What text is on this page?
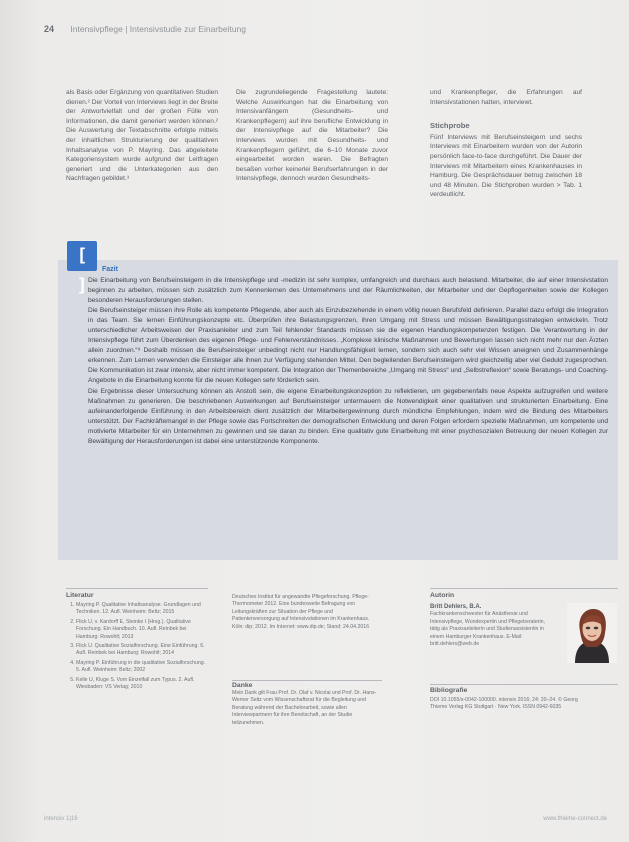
24 Intensivpflege | Intensivstudie zur Einarbeitung

als Basis oder Ergänzung von quantitativen Studien dienen.² Der Vorteil von Interviews liegt in der Breite der Antwortvielfalt und der großen Fülle von Informationen, die damit generiert werden können.² Die Auswertung der Textabschnitte erfolgte mittels der inhaltlichen Strukturierung der qualitativen Inhaltsanalyse von P. Mayring. Das abgeleitete Kategoriensystem wurde aufgrund der Leitfragen generiert und die Unterkategorien aus den Nachfragen gebildet.³

Die zugrundeliegende Fragestellung lautete: Welche Auswirkungen hat die Einarbeitung von Intensivanfängern (Gesundheits- und Krankenpflegern) auf ihre berufliche Entwicklung in der Intensivpflege auf die Mitarbeiter? Die Interviews wurden mit Gesundheits- und Krankenpflegern geführt, die 6–10 Monate zuvor eingearbeitet worden waren. Die Befragten besaßen vorher keinerlei Berufserfahrungen in der Intensivpflege, dennoch wurden Gesundheits-

und Krankenpfleger, die Erfahrungen auf Intensivstationen hatten, interviewt.

Stichprobe

Fünf Interviews mit Berufseinsteigern und sechs Interviews mit Einarbeitern wurden von der Autorin persönlich face-to-face durchgeführt. Die Dauer der Interviews mit Mitarbeitern eines Krankenhauses in Hamburg. Die Gesprächsdauer betrug zwischen 18 und 48 Minuten. Die Stichproben wurden > Tab. 1 verdeutlicht.

[ ]
Fazit

Die Einarbeitung von Berufseinsteigern in die Intensivpflege und -medizin ist sehr komplex, umfangreich und durchaus auch belastend. Mitarbeiter, die auf einer Intensivstation beginnen zu arbeiten, müssen sich zusätzlich zum Kennenlernen des Unternehmens und der Räumlichkeiten, der Mitarbeiter und der Gepflogenheiten sowie der Kollegen besonderen Herausforderungen stellen.

Die Berufseinsteiger müssen ihre Rolle als kompetente Pflegende, aber auch als Einzubeziehende in einem völlig neuen Berufsfeld definieren. Parallel dazu erfolgt die Integration in das Team. Sie lernen Einführungskonzepte etc. Überprüfen ihre Belastungsgrenzen, ihren Umgang mit Stress und müssen Bewältigungsstrategien entwickeln. Trotz unterschiedlicher Arbeitsweisen der Praxisanleiter und zum Teil fehlender Standards müssen sie die eigenen Handlungskompetenzen festigen. Die Verantwortung in der Intensivpflege führt zum Überdenken des eigenen Pflege- und Fehlerverständnisses. „Komplexe klinische Maßnahmen und Bewertungen lassen sich nicht mehr nur den Ärzten allein zuordnen.“⁹ Deshalb müssen die Berufseinsteiger unbedingt nicht nur Handlungsfähigkeit lernen, sondern sich auch sehr viel Wissen aneignen und Zusammenhänge erkennen. Zum Lernen verwenden die Einsteiger alle ihnen zur Verfügung stehenden Mittel. Den begleitenden Berufseinsteigern wird gleichzeitig aber viel Geduld zugesprochen. Die Kommunikation ist zwar intensiv, aber nicht immer kompetent. Die Integration der Themenbereiche „Umgang mit Stress“ und „Selbstreflexion“ sowie Beratungs- und Coaching-Angebote in die Einarbeitung konnte für die neuen Kollegen sehr förderlich sein.

Die Ergebnisse dieser Untersuchung können als Anstoß sein, die eigene Einarbeitungskonzeption zu reflektieren, um gegebenenfalls neue Aspekte aufzugreifen und weitere Maßnahmen zu generieren. Die beschriebenen Auswirkungen auf Berufseinsteiger untermauern die Notwendigkeit einer qualitativen und strukturierten Einarbeitung. Eine aufeinanderfolgende Einführung in den Arbeitsbereich dient zusätzlich der Mitarbeitergewinnung durch mündliche Empfehlungen, indem wird die Bindung des Mitarbeiters unterstützt. Der Fachkräftemangel in der Pflege sowie das Fortschreiten der demografischen Entwicklung und deren Folgen erfordern spezielle Maßnahmen, um kompetente und motivierte Mitarbeiter für ein Unternehmen zu gewinnen und sie daran zu binden. Eine qualitativ gute Einarbeitung mit einer psychosozialen Betreuung der neuen Kollegen zur Bewältigung der Herausforderungen ist dabei eine unterstützende Komponente.

Literatur
1. Mayring P. Qualitative Inhaltsanalyse. Grundlagen und Techniken. 12. Aufl. Weinheim: Beltz; 2015
2. Flick U, v. Kardorff E, Steinke I (Hrsg.). Qualitative Forschung. Ein Handbuch. 10. Aufl. Reinbek bei Hamburg: Rowohlt; 2013
3. Flick U. Qualitative Sozialforschung. Eine Einführung. 6. Aufl. Reinbek bei Hamburg: Rowohlt; 2014
4. Mayring P. Einführung in die qualitative Sozialforschung. 5. Aufl. Weinheim: Beltz; 2002
5. Kelle U, Kluge S. Vom Einzelfall zum Typus. 2. Aufl. Wiesbaden: VS Verlag; 2010
Deutsches Institut für angewandte Pflegeforschung. Pflege-Thermometer 2012. Eine bundesweite Befragung von Leitungskräften zur Situation der Pflege und Patientenversorgung auf Intensivstationen im Krankenhaus. Köln: dip; 2012. Im Internet: www.dip.de; Stand: 24.04.2016
Danke
Mein Dank gilt Frau Prof. Dr. Olaf v. Nicolai und Prof. Dr. Hans-Werner Seitz vom Wissenschaftsrat für die Begleitung und Beratung während der Bachelorarbeit, sowie allen Interviewpartnern für ihre Bereitschaft, an der Studie teilzunehmen.
Autorin
Britt Dehlers, B.A.
Fachkrankenschwester für Anästhesie und Intensivpflege, Wundexpertin und Pflegeberaterin, tätig als Praxisanleiterin und Studienassistentin in einem Hamburger Krankenhaus. E-Mail: britt.dehlers@web.de
Bibliografie
DOI 10.1055/s-0042-100000. intensiv 2016; 24: 20–24. © Georg Thieme Verlag KG Stuttgart · New York. ISSN 0942-6035
intensiv 1|16	www.thieme-connect.de
